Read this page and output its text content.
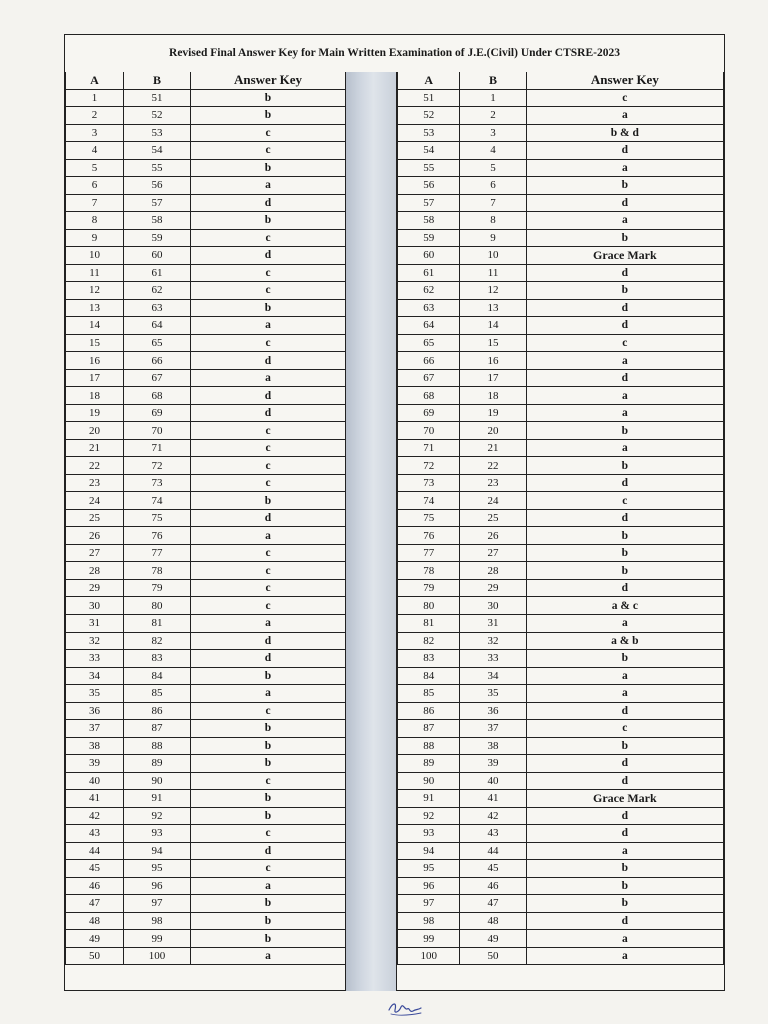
Revised Final Answer Key for Main Written Examination of J.E.(Civil) Under CTSRE-2023
A	B	Answer Key
1	51	b
2	52	b
3	53	c
4	54	c
5	55	b
6	56	a
7	57	d
8	58	b
9	59	c
10	60	d
11	61	c
12	62	c
13	63	b
14	64	a
15	65	c
16	66	d
17	67	a
18	68	d
19	69	d
20	70	c
21	71	c
22	72	c
23	73	c
24	74	b
25	75	d
26	76	a
27	77	c
28	78	c
29	79	c
30	80	c
31	81	a
32	82	d
33	83	d
34	84	b
35	85	a
36	86	c
37	87	b
38	88	b
39	89	b
40	90	c
41	91	b
42	92	b
43	93	c
44	94	d
45	95	c
46	96	a
47	97	b
48	98	b
49	99	b
50	100	a
A	B	Answer Key
51	1	c
52	2	a
53	3	b & d
54	4	d
55	5	a
56	6	b
57	7	d
58	8	a
59	9	b
60	10	Grace Mark
61	11	d
62	12	b
63	13	d
64	14	d
65	15	c
66	16	a
67	17	d
68	18	a
69	19	a
70	20	b
71	21	a
72	22	b
73	23	d
74	24	c
75	25	d
76	26	b
77	27	b
78	28	b
79	29	d
80	30	a & c
81	31	a
82	32	a & b
83	33	b
84	34	a
85	35	a
86	36	d
87	37	c
88	38	b
89	39	d
90	40	d
91	41	Grace Mark
92	42	d
93	43	d
94	44	a
95	45	b
96	46	b
97	47	b
98	48	d
99	49	a
100	50	a
